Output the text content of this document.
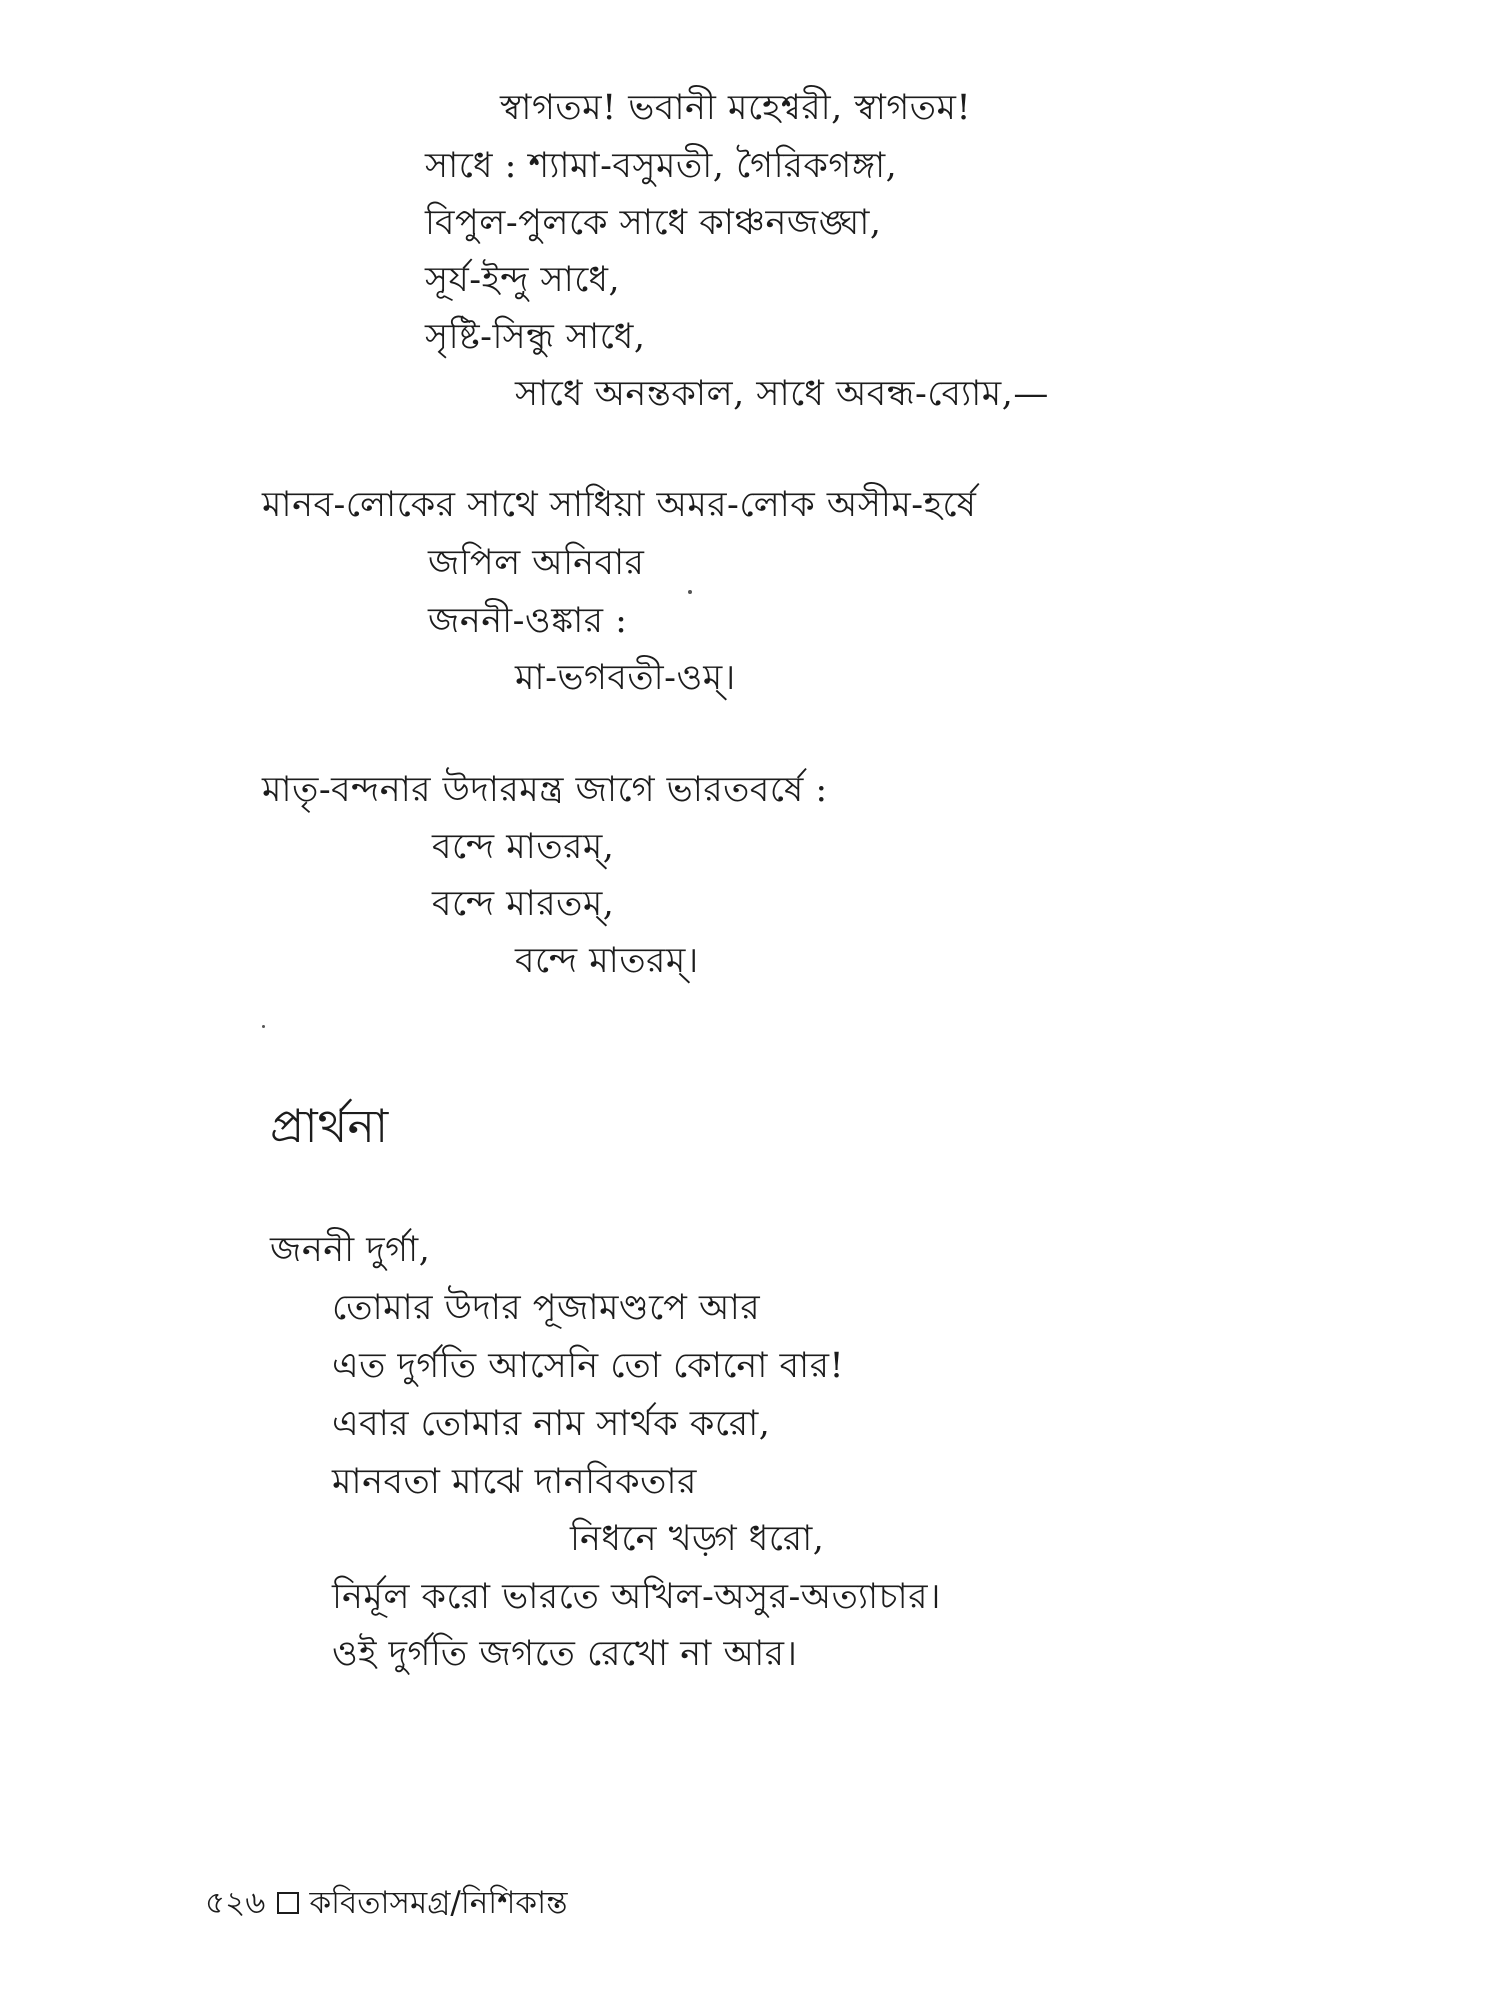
স্বাগতম! ভবানী মহেশ্বরী, স্বাগতম!
সাধে : শ্যামা-বসুমতী, গৈরিকগঙ্গা,
বিপুল-পুলকে সাধে কাঞ্চনজঙ্ঘা,
সূর্য-ইন্দু সাধে,
সৃষ্টি-সিন্ধু সাধে,
সাধে অনন্তকাল, সাধে অবন্ধ-ব্যোম,—
মানব-লোকের সাথে সাধিয়া অমর-লোক অসীম-হর্ষে
জপিল অনিবার
জননী-ওঙ্কার :
মা-ভগবতী-ওম্।
মাতৃ-বন্দনার উদারমন্ত্র জাগে ভারতবর্ষে :
বন্দে মাতরম্,
বন্দে মারতম্,
বন্দে মাতরম্।
প্রার্থনা
জননী দুর্গা,
তোমার উদার পূজামণ্ডপে আর
এত দুর্গতি আসেনি তো কোনো বার!
এবার তোমার নাম সার্থক করো,
মানবতা মাঝে দানবিকতার
নিধনে খড়্গ ধরো,
নির্মূল করো ভারতে অখিল-অসুর-অত্যাচার।
ওই দুর্গতি জগতে রেখো না আর।
৫২৬ কবিতাসমগ্র/নিশিকান্ত
